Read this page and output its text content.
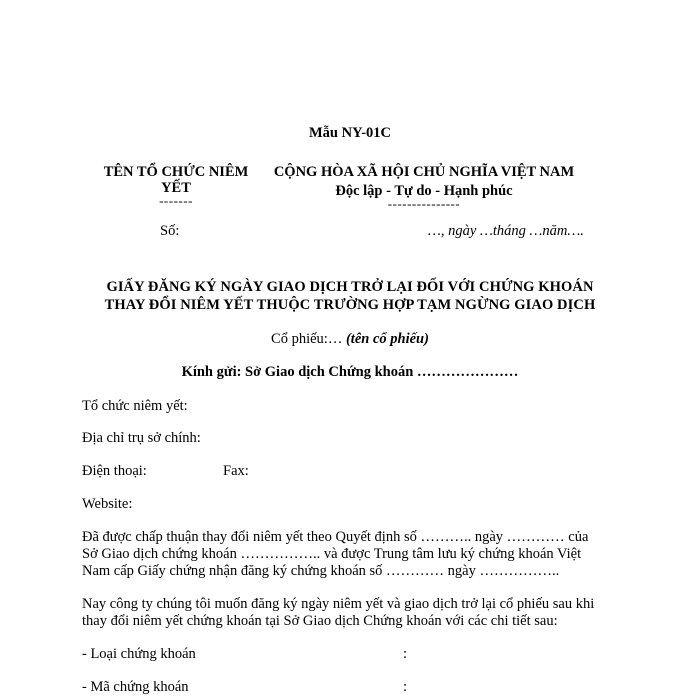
Mẫu NY-01C
TÊN TỔ CHỨC NIÊM
YẾT
-------
CỘNG HÒA XÃ HỘI CHỦ NGHĨA VIỆT NAM
Độc lập - Tự do - Hạnh phúc
---------------
Số:	…, ngày …tháng …năm….
GIẤY ĐĂNG KÝ NGÀY GIAO DỊCH TRỞ LẠI ĐỐI VỚI CHỨNG KHOÁN
THAY ĐỔI NIÊM YẾT THUỘC TRƯỜNG HỢP TẠM NGỪNG GIAO DỊCH
Cổ phiếu:… (tên cổ phiếu)
Kính gửi: Sở Giao dịch Chứng khoán …………………
Tổ chức niêm yết:
Địa chỉ trụ sở chính:
Điện thoại:	Fax:
Website:
Đã được chấp thuận thay đổi niêm yết theo Quyết định số ……….. ngày ………… của
Sở Giao dịch chứng khoán …………….. và được Trung tâm lưu ký chứng khoán Việt
Nam cấp Giấy chứng nhận đăng ký chứng khoán số ………… ngày ……………..
Nay công ty chúng tôi muốn đăng ký ngày niêm yết và giao dịch trở lại cổ phiếu sau khi
thay đổi niêm yết chứng khoán tại Sở Giao dịch Chứng khoán với các chi tiết sau:
- Loại chứng khoán	:
- Mã chứng khoán	:
